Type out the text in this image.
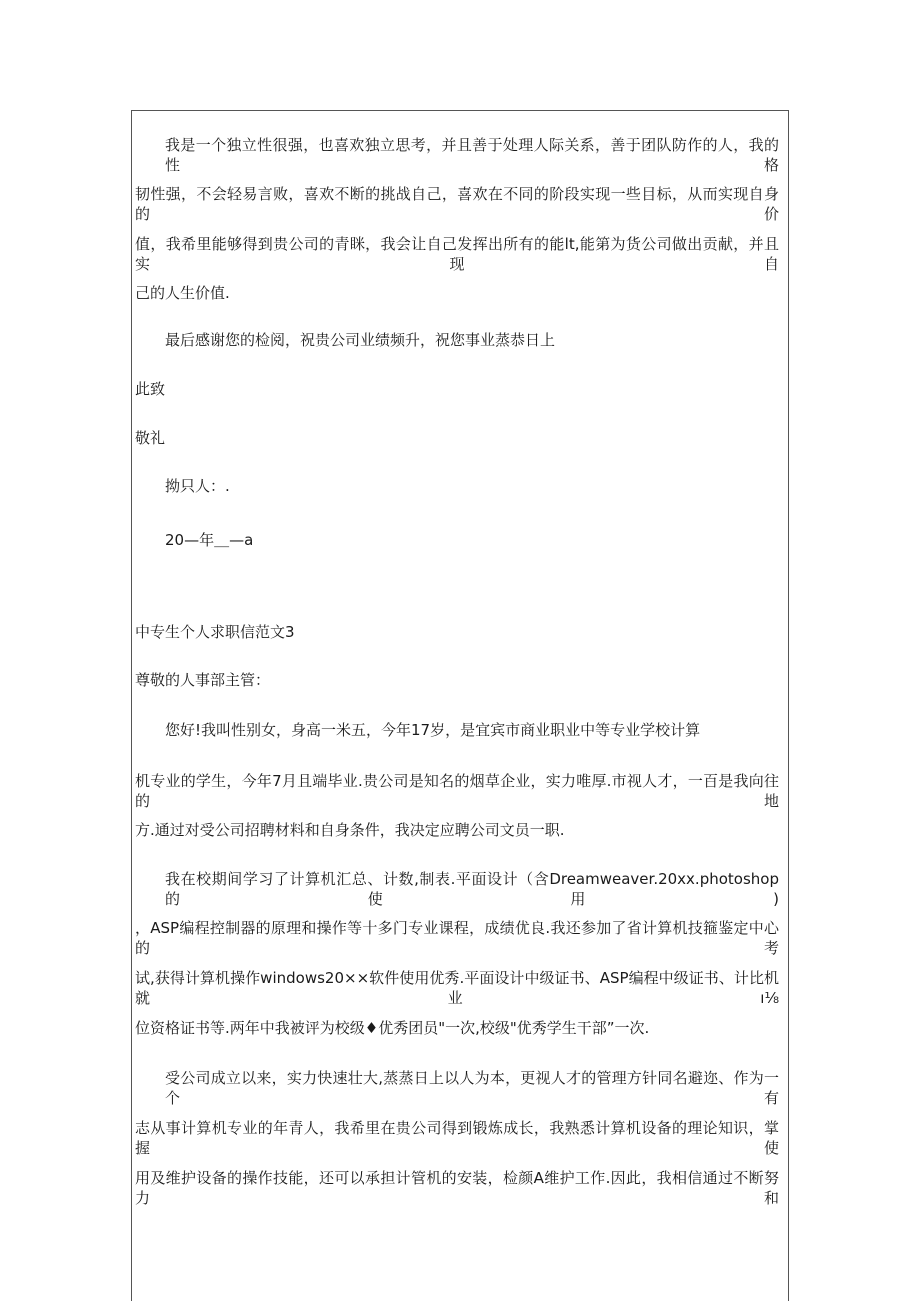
我是一个独立性很强，也喜欢独立思考，并且善于处理人际关系，善于团队防作的人，我的性格
韧性强，不会轻易言败，喜欢不断的挑战自己，喜欢在不同的阶段实现一些目标，从而实现自身的价
值，我希里能够得到贵公司的青眯，我会让自己发挥出所有的能lt,能第为货公司做出贡献，并且实现自
己的人生价值.
最后感谢您的检阅，祝贵公司业绩频升，祝您事业蒸恭日上
此致
敬礼
拗只人：.
20—年＿—a
中专生个人求职信范文3
尊敬的人事部主管：
您好!我叫性别女，身高一米五，今年17岁，是宜宾市商业职业中等专业学校计算
机专业的学生，今年7月且端毕业.贵公司是知名的烟草企业，实力唯厚.市视人才，一百是我向往的地
方.通过对受公司招聘材料和自身条件，我决定应聘公司文员一职.
我在校期间学习了计算机汇总、计数,制表.平面设计（含Dreamweaver.20xx.photoshop的使用)
，ASP编程控制器的原理和操作等十多门专业课程，成绩优良.我还参加了省计算机技箍鉴定中心的考
试,获得计算机操作windows20××软件使用优秀.平面设计中级证书、ASP编程中级证书、计比机就业ı⅛
位资格证书等.两年中我被评为校级♦优秀团员"一次,校级"优秀学生干部”一次.
受公司成立以来，实力快速壮大,蒸蒸日上以人为本，更视人才的管理方针同名避迩、作为一个有
志从事计算机专业的年青人，我希里在贵公司得到锻炼成长，我熟悉计算机设备的理论知识，掌握使
用及维护设备的操作技能，还可以承担计管机的安装，检颜A维护工作.因此，我相信通过不断努力和
